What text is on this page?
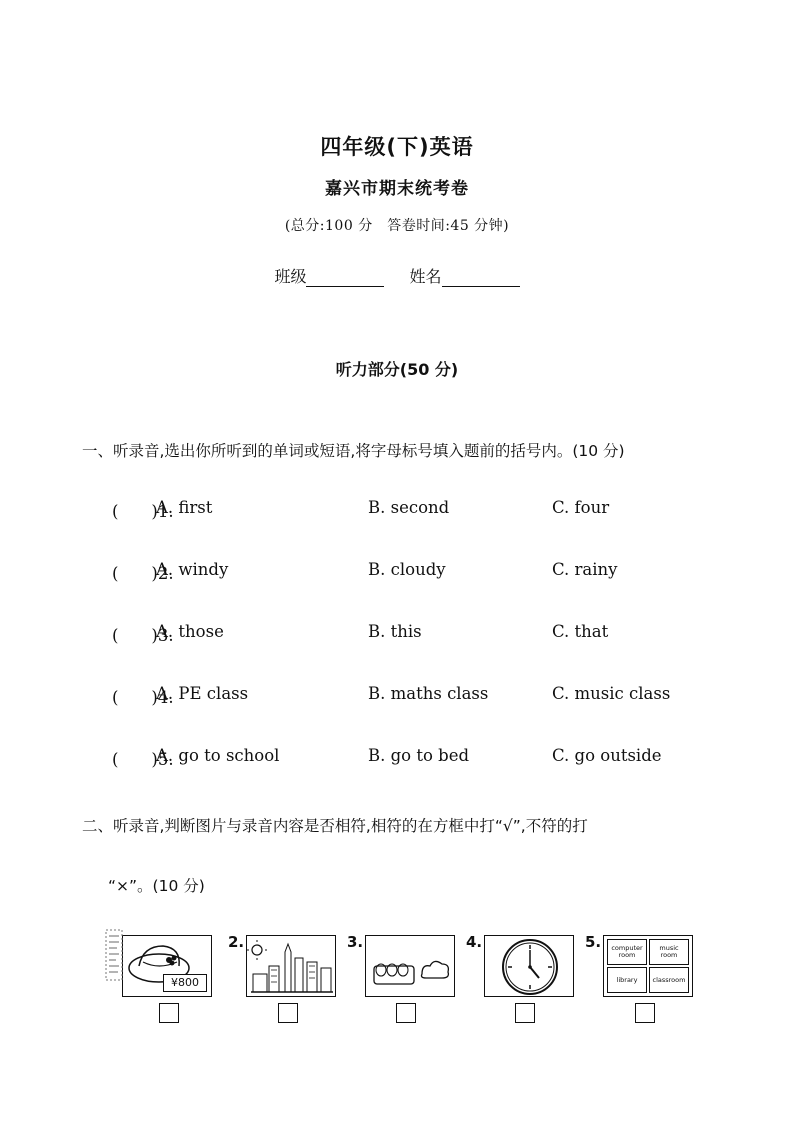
四年级(下)英语
嘉兴市期末统考卷
(总分:100 分　答卷时间:45 分钟)
班级	姓名
听力部分(50 分)
一、听录音,选出你所听到的单词或短语,将字母标号填入题前的括号内。(10 分)
(　　)1.
A. first	B. second	C. four
(　　)2.
A. windy	B. cloudy	C. rainy
(　　)3.
A. those	B. this	C. that
(　　)4.
A. PE class	B. maths class	C. music class
(　　)5.
A. go to school	B. go to bed	C. go outside
二、听录音,判断图片与录音内容是否相符,相符的在方框中打“√”,不符的打
“×”。(10 分)
¥800
2.	3.	4.	5.	computer room
music room
library	classroom
